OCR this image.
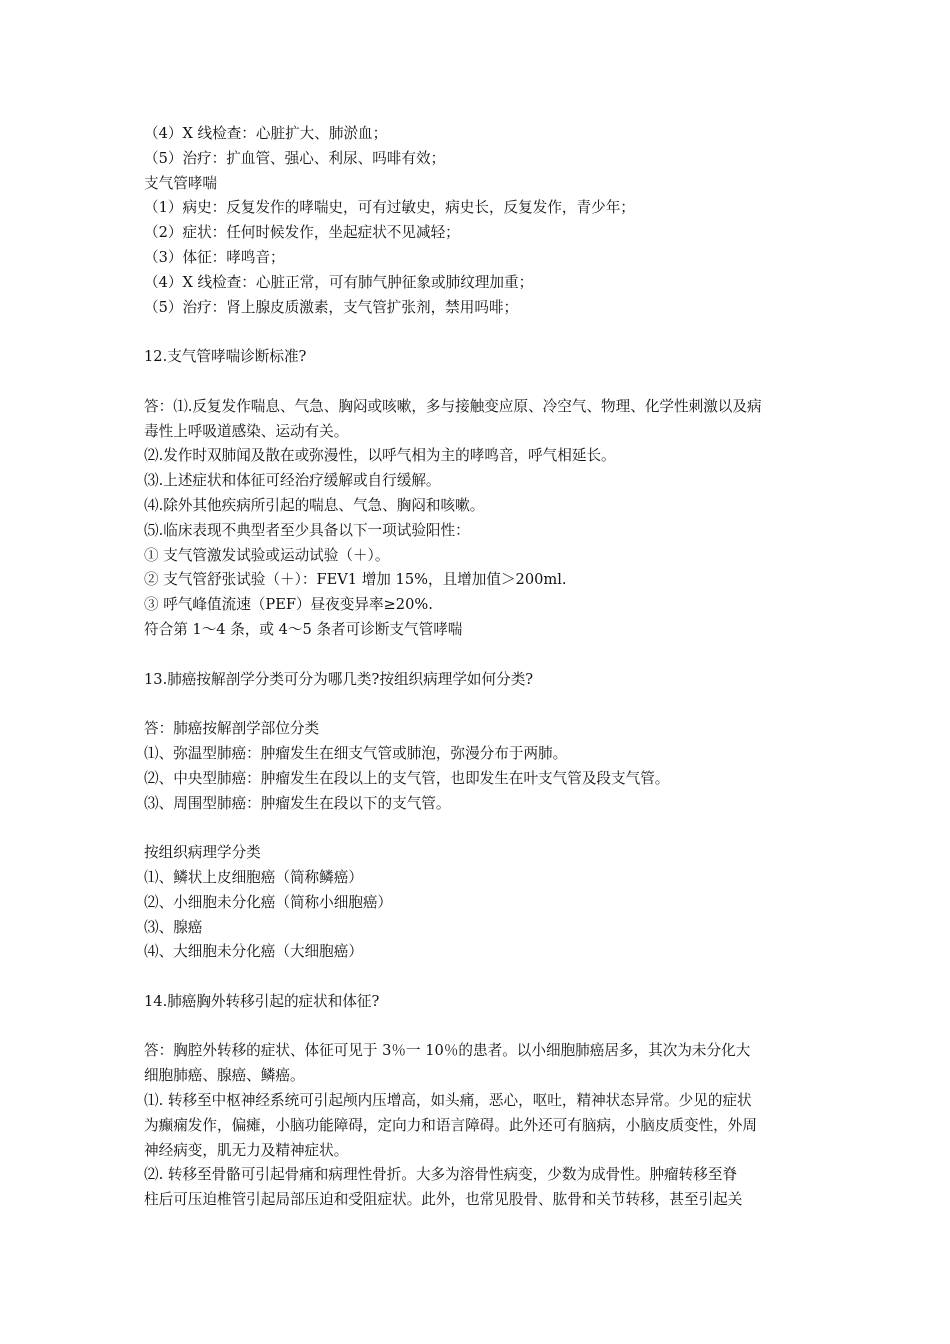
（4）X 线检查：心脏扩大、肺淤血；
（5）治疗：扩血管、强心、利尿、吗啡有效；
支气管哮喘
（1）病史：反复发作的哮喘史，可有过敏史，病史长，反复发作，青少年；
（2）症状：任何时候发作，坐起症状不见减轻；
（3）体征：哮鸣音；
（4）X 线检查：心脏正常，可有肺气肿征象或肺纹理加重；
（5）治疗：肾上腺皮质激素，支气管扩张剂，禁用吗啡；
12.支气管哮喘诊断标准?
答：⑴.反复发作喘息、气急、胸闷或咳嗽，多与接触变应原、冷空气、物理、化学性刺激以及病
毒性上呼吸道感染、运动有关。
⑵.发作时双肺闻及散在或弥漫性，以呼气相为主的哮鸣音，呼气相延长。
⑶.上述症状和体征可经治疗缓解或自行缓解。
⑷.除外其他疾病所引起的喘息、气急、胸闷和咳嗽。
⑸.临床表现不典型者至少具备以下一项试验阳性：
① 支气管激发试验或运动试验（＋）。
② 支气管舒张试验（＋）：FEV1 增加 15%，且增加值＞200ml.
③ 呼气峰值流速（PEF）昼夜变异率≥20%.
符合第 1～4 条，或 4～5 条者可诊断支气管哮喘
13.肺癌按解剖学分类可分为哪几类?按组织病理学如何分类?
答：肺癌按解剖学部位分类
⑴、弥温型肺癌：肿瘤发生在细支气管或肺泡，弥漫分布于两肺。
⑵、中央型肺癌：肿瘤发生在段以上的支气管，也即发生在叶支气管及段支气管。
⑶、周围型肺癌：肿瘤发生在段以下的支气管。
按组织病理学分类
⑴、鳞状上皮细胞癌（简称鳞癌）
⑵、小细胞未分化癌（简称小细胞癌）
⑶、腺癌
⑷、大细胞未分化癌（大细胞癌）
14.肺癌胸外转移引起的症状和体征?
答：胸腔外转移的症状、体征可见于 3％一 10％的患者。以小细胞肺癌居多，其次为未分化大
细胞肺癌、腺癌、鳞癌。
⑴. 转移至中枢神经系统可引起颅内压增高，如头痛，恶心，呕吐，精神状态异常。少见的症状
为癫痫发作，偏瘫，小脑功能障碍，定向力和语言障碍。此外还可有脑病，小脑皮质变性，外周
神经病变，肌无力及精神症状。
⑵. 转移至骨骼可引起骨痛和病理性骨折。大多为溶骨性病变，少数为成骨性。肿瘤转移至脊
柱后可压迫椎管引起局部压迫和受阻症状。此外，也常见股骨、肱骨和关节转移，甚至引起关
